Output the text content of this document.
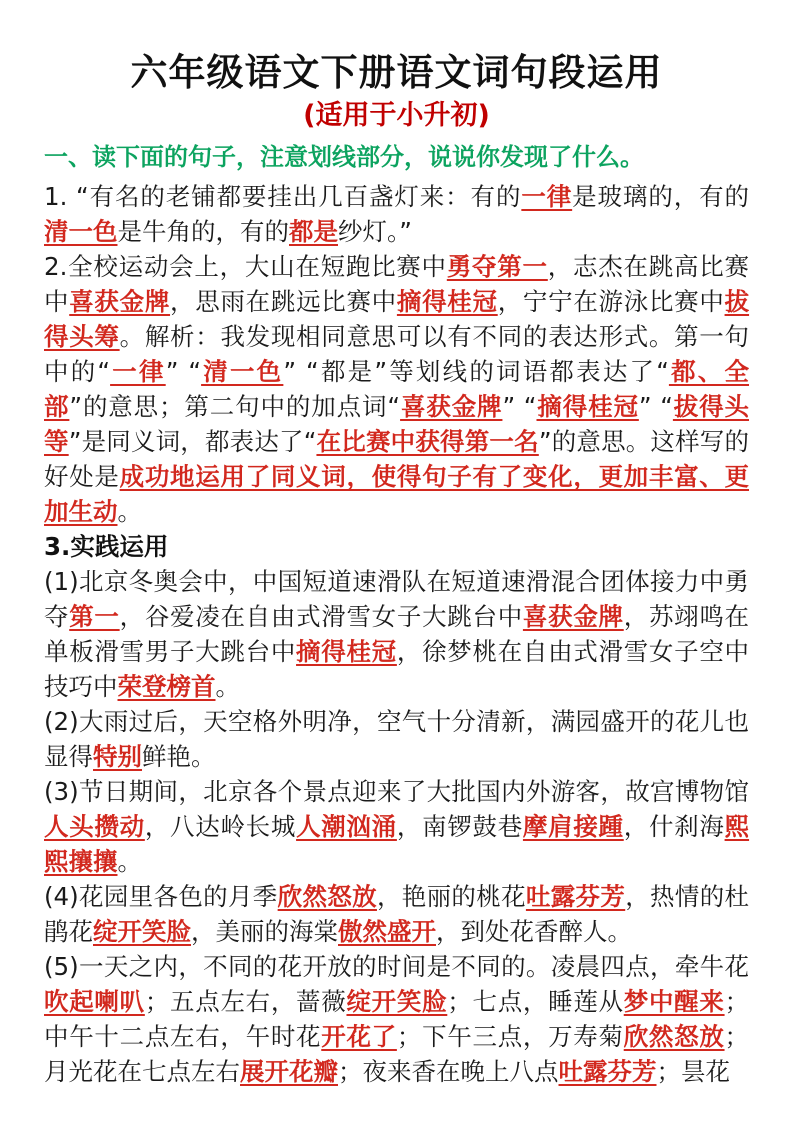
六年级语文下册语文词句段运用
(适用于小升初)
一、读下面的句子，注意划线部分，说说你发现了什么。

1. “有名的老铺都要挂出几百盏灯来：有的一律是玻璃的，有的清一色是牛角的，有的都是纱灯。”

2.全校运动会上，大山在短跑比赛中勇夺第一，志杰在跳高比赛中喜获金牌，思雨在跳远比赛中摘得桂冠，宁宁在游泳比赛中拔得头筹。解析：我发现相同意思可以有不同的表达形式。第一句中的“一律” “清一色” “都是”等划线的词语都表达了“都、全部”的意思；第二句中的加点词“喜获金牌” “摘得桂冠” “拔得头等”是同义词，都表达了“在比赛中获得第一名”的意思。这样写的好处是成功地运用了同义词，使得句子有了变化，更加丰富、更加生动。

3.实践运用

(1)北京冬奥会中，中国短道速滑队在短道速滑混合团体接力中勇夺第一，谷爱凌在自由式滑雪女子大跳台中喜获金牌，苏翊鸣在单板滑雪男子大跳台中摘得桂冠，徐梦桃在自由式滑雪女子空中技巧中荣登榜首。

(2)大雨过后，天空格外明净，空气十分清新，满园盛开的花儿也显得特别鲜艳。

(3)节日期间，北京各个景点迎来了大批国内外游客，故宫博物馆人头攒动，八达岭长城人潮汹涌，南锣鼓巷摩肩接踵，什刹海熙熙攘攘。

(4)花园里各色的月季欣然怒放，艳丽的桃花吐露芬芳，热情的杜鹃花绽开笑脸，美丽的海棠傲然盛开，到处花香醉人。

(5)一天之内，不同的花开放的时间是不同的。凌晨四点，牵牛花吹起喇叭；五点左右，蔷薇绽开笑脸；七点，睡莲从梦中醒来；中午十二点左右，午时花开花了；下午三点，万寿菊欣然怒放；月光花在七点左右展开花瓣；夜来香在晚上八点吐露芬芳；昙花
